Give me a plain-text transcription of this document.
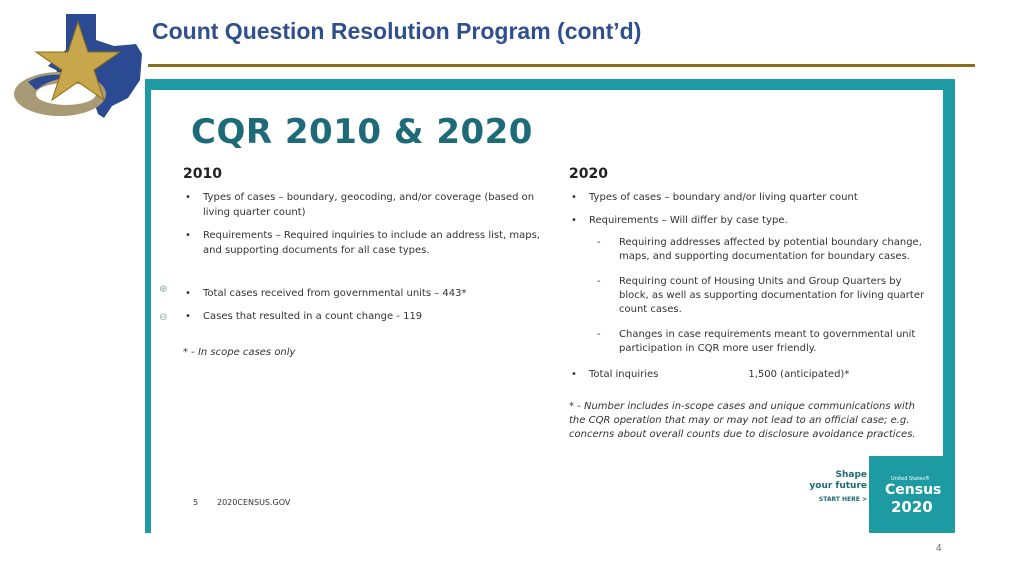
Count Question Resolution Program (cont’d)
CQR 2010 & 2020
⊕
⊖
2010
• Types of cases – boundary, geocoding, and/or coverage (based on living quarter count)
• Requirements – Required inquiries to include an address list, maps, and supporting documents for all case types.
• Total cases received from governmental units – 443*
• Cases that resulted in a count change - 119
* - In scope cases only
2020
• Types of cases – boundary and/or living quarter count
• Requirements – Will differ by case type.
- Requiring addresses affected by potential boundary change, maps, and supporting documentation for boundary cases.
- Requiring count of Housing Units and Group Quarters by block, as well as supporting documentation for living quarter count cases.
- Changes in case requirements meant to governmental unit participation in CQR more user friendly.
• Total inquiries	1,500 (anticipated)*
* - Number includes in-scope cases and unique communications with the CQR operation that may or may not lead to an official case; e.g. concerns about overall counts due to disclosure avoidance practices.
5 2020CENSUS.GOV
Shape
your future
START HERE >
United States®
Census
2020
4
